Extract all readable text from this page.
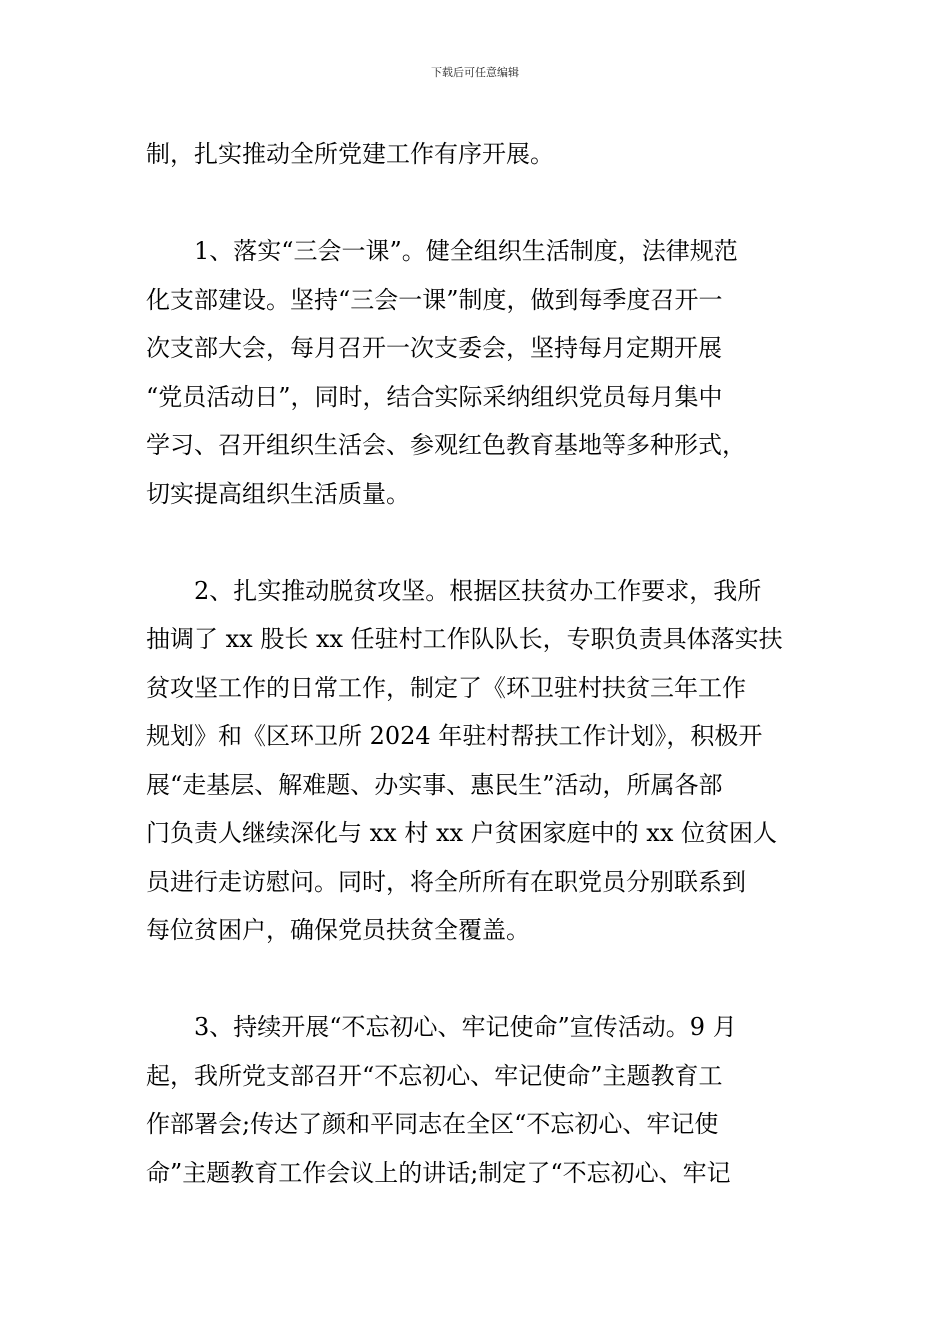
下载后可任意编辑
制，扎实推动全所党建工作有序开展。
　　1、落实“三会一课”。健全组织生活制度，法律规范
化支部建设。坚持“三会一课”制度，做到每季度召开一
次支部大会，每月召开一次支委会，坚持每月定期开展
“党员活动日”，同时，结合实际采纳组织党员每月集中
学习、召开组织生活会、参观红色教育基地等多种形式，
切实提高组织生活质量。
　　2、扎实推动脱贫攻坚。根据区扶贫办工作要求，我所
抽调了 xx 股长 xx 任驻村工作队队长，专职负责具体落实扶
贫攻坚工作的日常工作，制定了《环卫驻村扶贫三年工作
规划》和《区环卫所 2024 年驻村帮扶工作计划》，积极开
展“走基层、解难题、办实事、惠民生”活动，所属各部
门负责人继续深化与 xx 村 xx 户贫困家庭中的 xx 位贫困人
员进行走访慰问。同时，将全所所有在职党员分别联系到
每位贫困户，确保党员扶贫全覆盖。
　　3、持续开展“不忘初心、牢记使命”宣传活动。9 月
起，我所党支部召开“不忘初心、牢记使命”主题教育工
作部署会;传达了颜和平同志在全区“不忘初心、牢记使
命”主题教育工作会议上的讲话;制定了“不忘初心、牢记
